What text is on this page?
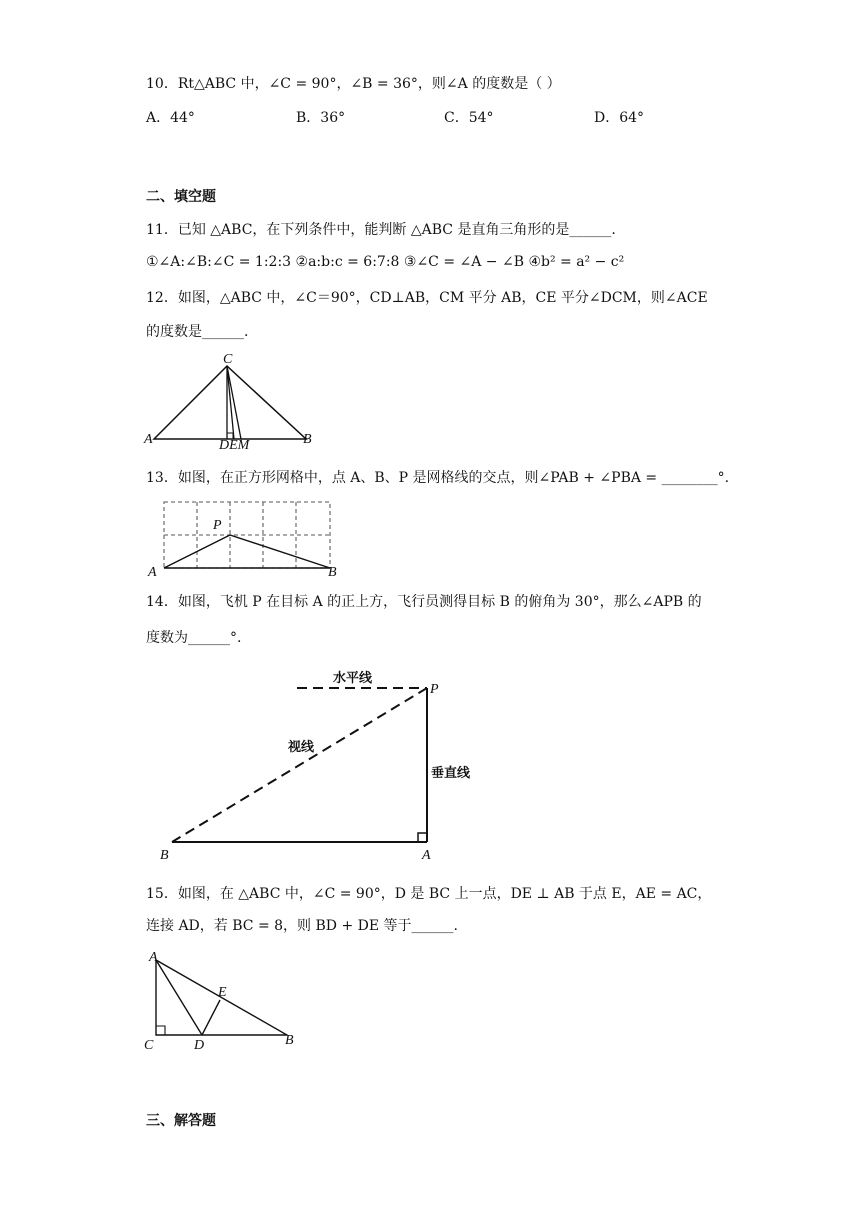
10．Rt△ABC 中，∠C = 90°，∠B = 36°，则∠A 的度数是（ ）
A．44°	B．36°	C．54°	D．64°
二、填空题
11．已知 △ABC，在下列条件中，能判断 △ABC 是直角三角形的是______.
①∠A:∠B:∠C = 1:2:3 ②a:b:c = 6:7:8 ③∠C = ∠A − ∠B ④b² = a² − c²
12．如图，△ABC 中，∠C＝90°，CD⊥AB，CM 平分 AB，CE 平分∠DCM，则∠ACE
的度数是______.
C
A	B
DEM
13．如图，在正方形网格中，点 A、B、P 是网格线的交点，则∠PAB + ∠PBA = ________°.
P
A	B
14．如图，飞机 P 在目标 A 的正上方，飞行员测得目标 B 的俯角为 30°，那么∠APB 的
度数为______°.
水平线
视线
垂直线
P
A
B
15．如图，在 △ABC 中，∠C = 90°，D 是 BC 上一点，DE ⊥ AB 于点 E，AE = AC，
连接 AD，若 BC = 8，则 BD + DE 等于______.
A
E
C	D	B
三、解答题
